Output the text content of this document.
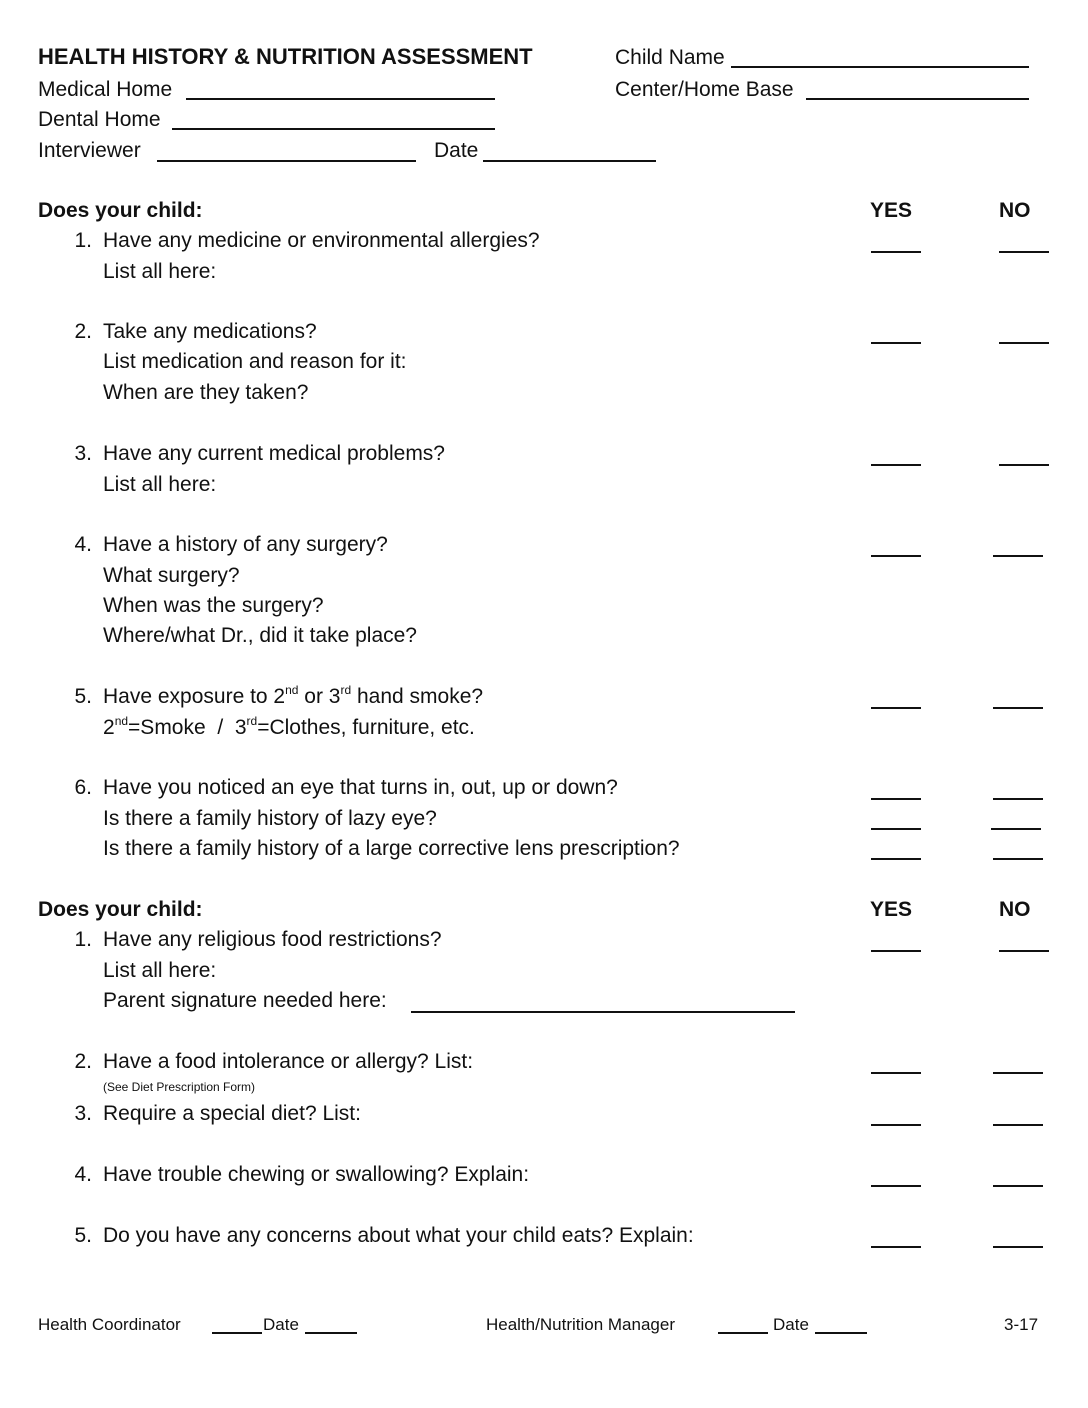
HEALTH HISTORY & NUTRITION ASSESSMENT	Child Name
Medical Home	Center/Home Base
Dental Home
Interviewer	Date
Does your child:	YES	NO
1. Have any medicine or environmental allergies?
List all here:
2. Take any medications?
List medication and reason for it:
When are they taken?
3. Have any current medical problems?
List all here:
4. Have a history of any surgery?
What surgery?
When was the surgery?
Where/what Dr., did it take place?
5. Have exposure to 2nd or 3rd hand smoke?
2nd=Smoke  /  3rd=Clothes, furniture, etc.
6. Have you noticed an eye that turns in, out, up or down?
Is there a family history of lazy eye?
Is there a family history of a large corrective lens prescription?
Does your child:	YES	NO
1. Have any religious food restrictions?
List all here:
Parent signature needed here:
2. Have a food intolerance or allergy? List:
(See Diet Prescription Form)
3. Require a special diet? List:
4. Have trouble chewing or swallowing? Explain:
5. Do you have any concerns about what your child eats? Explain:
Health Coordinator	Date	Health/Nutrition Manager	Date	3-17
